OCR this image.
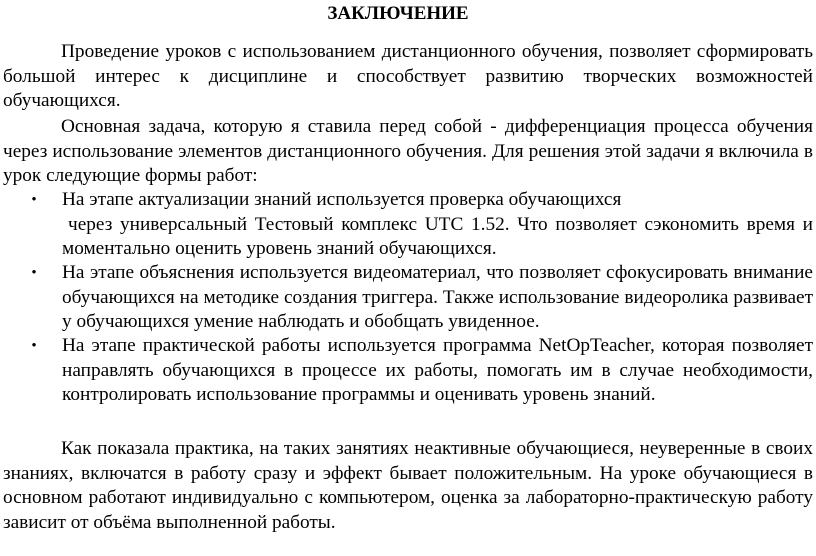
ЗАКЛЮЧЕНИЕ

Проведение уроков с использованием дистанционного обучения, позволяет сформировать большой интерес к дисциплине и способствует развитию творческих возможностей обучающихся.

Основная задача, которую я ставила перед собой - дифференциация процесса обучения через использование элементов дистанционного обучения. Для решения этой задачи я включила в урок следующие формы работ:

• На этапе актуализации знаний используется проверка обучающихся
через универсальный Тестовый комплекс UTC 1.52. Что позволяет сэкономить время и моментально оценить уровень знаний обучающихся.
• На этапе объяснения используется видеоматериал, что позволяет сфокусировать внимание обучающихся на методике создания триггера. Также использование видеоролика развивает у обучающихся умение наблюдать и обобщать увиденное.
• На этапе практической работы используется программа NetOpTeacher, которая позволяет направлять обучающихся в процессе их работы, помогать им в случае необходимости, контролировать использование программы и оценивать уровень знаний.

Как показала практика, на таких занятиях неактивные обучающиеся, неуверенные в своих знаниях, включатся в работу сразу и эффект бывает положительным. На уроке обучающиеся в основном работают индивидуально с компьютером, оценка за лабораторно-практическую работу зависит от объёма выполненной работы.
